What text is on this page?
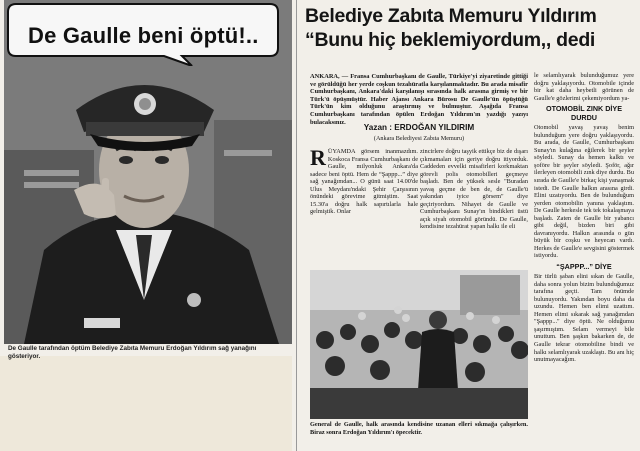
De Gaulle beni öptü!..
De Gaulle tarafından öptüm Belediye Zabıta Memuru Erdoğan Yıldırım sağ yanağını gösteriyor.
Belediye Zabıta Memuru Yıldırım
“Bunu hiç beklemiyordum,, dedi
ANKARA, — Fransa Cumhurbaşkanı de Gaulle, Türkiye'yi ziyaretinde gittiği ve görüldüğü her yerde coşkun tezahüratla karşılanmaktadır. Bu arada misafir Cumhurbaşkanı, Ankara'daki karşılanışı sırasında halk arasına girmiş ve bir Türk'ü öpüşmüştür. Haber Ajansı Ankara Bürosu De Gaulle'ün öpüştüğü Türk'ün kim olduğunu araştırmış ve bulmuştur. Aşağıda Fransa Cumhurbaşkanı tarafından öpülen Erdoğan Yıldırım'ın yazdığı yazıyı bulacaksınız.
Yazan : ERDOĞAN YILDIRIM
(Ankara Belediyesi Zabıta Memuru)
R ÜYAMDA görsem inanmazdım. Koskoca Fransa Cumhurbaşkanı de Gaulle, milyonluk Ankara'da sadece beni öptü. Hem de “Şappp...” diye sağ yanağımdan... O günü saat 14.00'de Ulus Meydanı'ndaki Şehir Çarşısının önündeki görevime gitmiştim. Saat 15.30'a doğru halk sapırtılarla hale gelmiştik. Onlar
zincirlere doğru taşyik ettikçe biz de dışarı çıkmamaları için geriye doğru itiyorduk. Caddeden evvelki misafirleri korkmaktan görevli polis otomobilleri geçmeye başladı. Ben de yüksek sesle "Buradan yavaş geçme de ben de, de Gaulle'ü yakından iyice görsem" diye geçiriyordum. Nihayet de Gaulle ve Cumhurbaşkanı Sunay'ın bindikleri üstü açık siyah otomobil göründü. De Gaulle, kendisine tezahürat yapan halkı ile eli

le selamlıyarak bulunduğumuz yere doğru yaklaşıyordu. Otomobile içinde bir kat daha heybetli görünen de Gaulle'e gözlerimi çekemiyordum ya-

OTOMOBİL ZINK DİYE DURDU

Otomobil yavaş yavaş benim bulunduğum yere doğru yaklaşıyordu. Bu arada, de Gaulle, Cumhurbaşkanı Sunay'ın kulağına eğilerek bir şeyler söyledi. Sunay da hemen kalktı ve şoföre bir şeyler söyledi. Şoför, ağır ilerleyen otomobili zınk diye durdu. Bu sırada de Gaulle'e birkaç kişi yanaşmak istedi. De Gaulle halkın arasına girdi. Elini uzatıyordu. Ben de bulunduğum yerden otomobilin yanına yaklaştım. De Gaulle herkesle tek tek tokalaşmaya başladı. Zaten de Gaulle bir yabancı gibi değil, bizden biri gibi davranıyordu. Halkın arasında o gün büyük bir coşku ve heyecan vardı. Herkes de Gaulle'e sevgisini göstermek istiyordu.

“ŞAPPP...” DİYE

Bir türlü şaban elini sıkan de Gaulle, daha sonra yolun bizim bulunduğumuz tarafına geçti. Tam önümde bulunuyordu. Yakından boyu daha da uzundu. Hemen ben elimi uzattım. Hemen elimi sıkarak sağ yanağımdan "Şappp..." diye öptü. Ne olduğumu şaşırmıştım. Selam vermeyi bile unuttum. Ben şaşkın bakarken de, de Gaulle tekrar otomobiline bindi ve halkı selamlıyarak uzaklaştı. Bu anı hiç unutmayacağım.

General de Gaulle, halk arasında kendisine uzanan elleri sıkmağa çalışırken. Biraz sonra Erdoğan Yıldırım'ı öpecektir.
